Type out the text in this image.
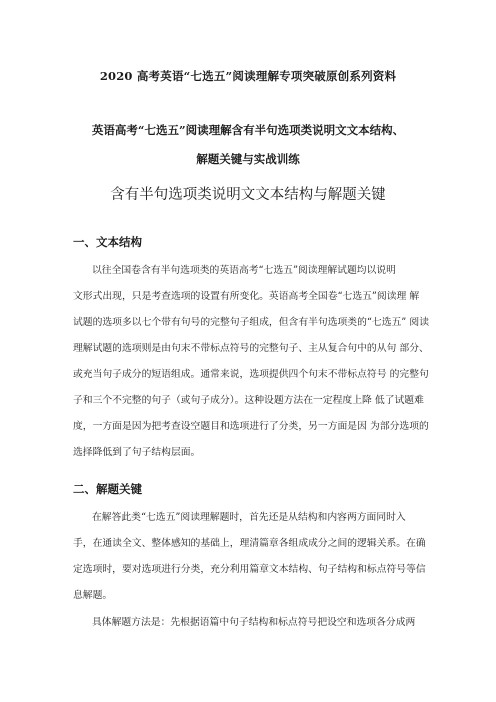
2020 高考英语“七选五”阅读理解专项突破原创系列资料
英语高考“七选五”阅读理解含有半句选项类说明文文本结构、
解题关键与实战训练
含有半句选项类说明文文本结构与解题关键
一、文本结构
以往全国卷含有半句选项类的英语高考“七选五”阅读理解试题均以说明
文形式出现，只是考查选项的设置有所变化。英语高考全国卷“七选五”阅读理 解
试题的选项多以七个带有句号的完整句子组成，但含有半句选项类的“七选五” 阅读
理解试题的选项则是由句末不带标点符号的完整句子、主从复合句中的从句 部分、
或充当句子成分的短语组成。通常来说，选项提供四个句末不带标点符号 的完整句
子和三个不完整的句子（或句子成分）。这种设题方法在一定程度上降 低了试题难
度，一方面是因为把考查设空题目和选项进行了分类，另一方面是因 为部分选项的
选择降低到了句子结构层面。
二、解题关键
在解答此类“七选五”阅读理解题时，首先还是从结构和内容两方面同时入
手，在通读全文、整体感知的基础上，理清篇章各组成成分之间的逻辑关系。在确
定选项时，要对选项进行分类，充分利用篇章文本结构、句子结构和标点符号等信
息解题。
具体解题方法是：先根据语篇中句子结构和标点符号把设空和选项各分成两
